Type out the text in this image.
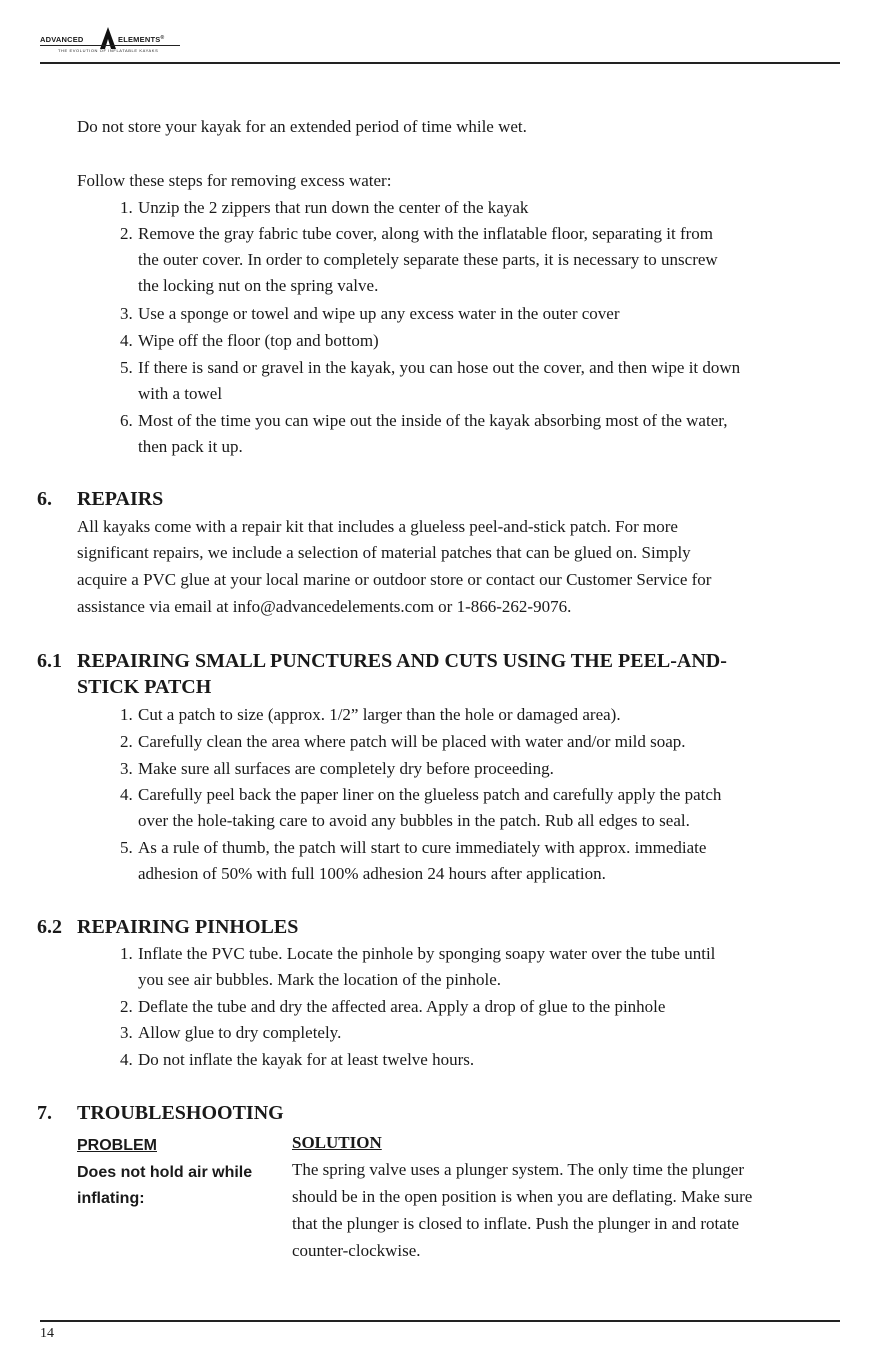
ADVANCED	ELEMENTS®
THE EVOLUTION OF INFLATABLE KAYAKS
Do not store your kayak for an extended period of time while wet.
Follow these steps for removing excess water:
1. Unzip the 2 zippers that run down the center of the kayak
2. Remove the gray fabric tube cover, along with the inflatable floor, separating it from
the outer cover. In order to completely separate these parts, it is necessary to unscrew
the locking nut on the spring valve.
3. Use a sponge or towel and wipe up any excess water in the outer cover
4. Wipe off the floor (top and bottom)
5. If there is sand or gravel in the kayak, you can hose out the cover, and then wipe it down
with a towel
6. Most of the time you can wipe out the inside of the kayak absorbing most of the water,
then pack it up.
6. REPAIRS
All kayaks come with a repair kit that includes a glueless peel-and-stick patch. For more
significant repairs, we include a selection of material patches that can be glued on. Simply
acquire a PVC glue at your local marine or outdoor store or contact our Customer Service for
assistance via email at info@advancedelements.com or 1-866-262-9076.
6.1 REPAIRING SMALL PUNCTURES AND CUTS USING THE PEEL-AND-
STICK PATCH
1. Cut a patch to size (approx. 1/2” larger than the hole or damaged area).
2. Carefully clean the area where patch will be placed with water and/or mild soap.
3. Make sure all surfaces are completely dry before proceeding.
4. Carefully peel back the paper liner on the glueless patch and carefully apply the patch
over the hole-taking care to avoid any bubbles in the patch. Rub all edges to seal.
5. As a rule of thumb, the patch will start to cure immediately with approx. immediate
adhesion of 50% with full 100% adhesion 24 hours after application.
6.2 REPAIRING PINHOLES
1. Inflate the PVC tube. Locate the pinhole by sponging soapy water over the tube until
you see air bubbles. Mark the location of the pinhole.
2. Deflate the tube and dry the affected area. Apply a drop of glue to the pinhole
3. Allow glue to dry completely.
4. Do not inflate the kayak for at least twelve hours.
7. TROUBLESHOOTING
PROBLEM	SOLUTION
Does not hold air while
inflating:
The spring valve uses a plunger system. The only time the plunger
should be in the open position is when you are deflating. Make sure
that the plunger is closed to inflate. Push the plunger in and rotate
counter-clockwise.
14
